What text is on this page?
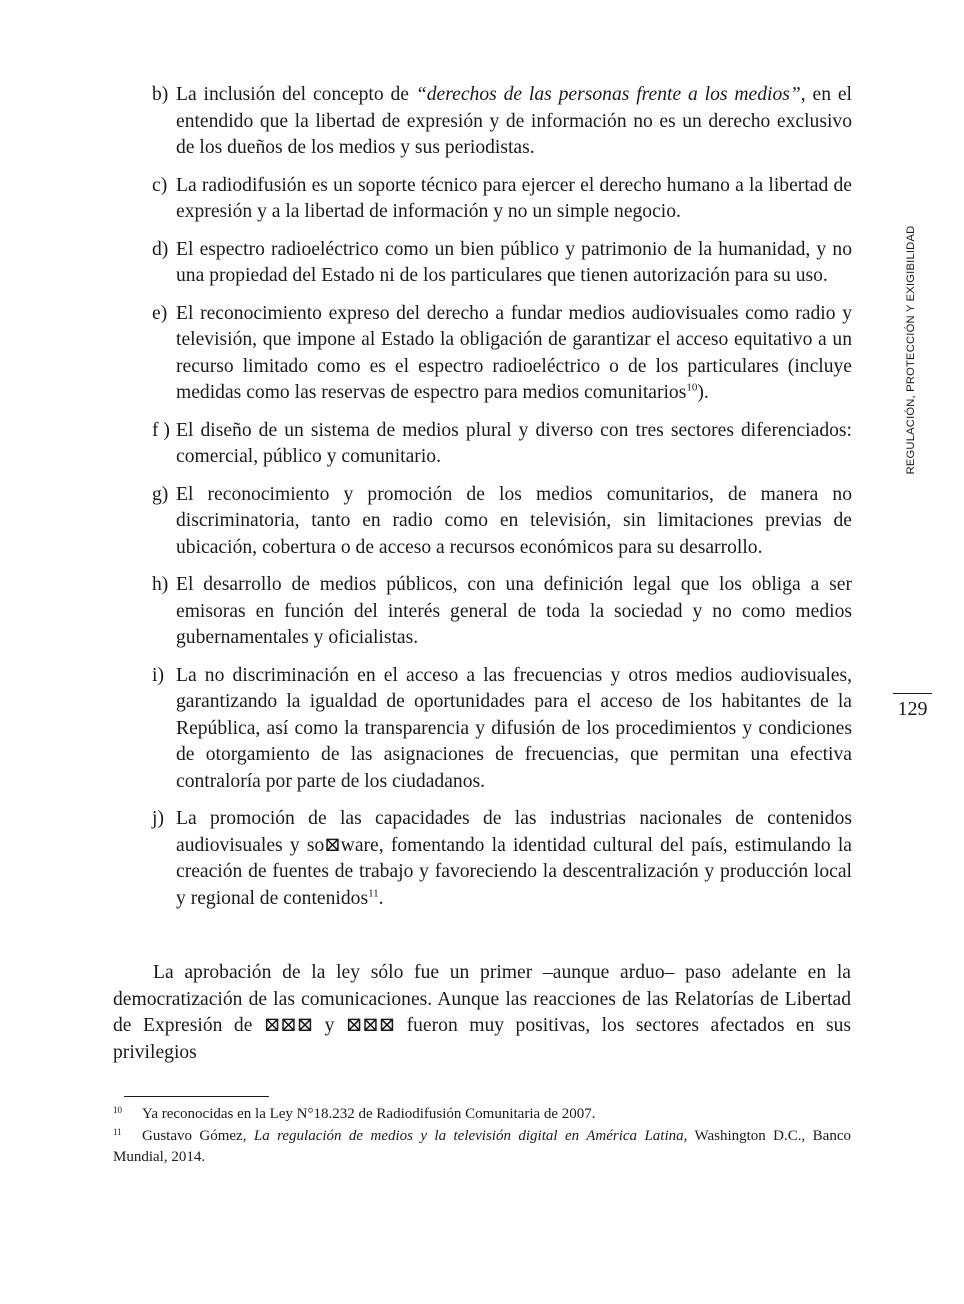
b) La inclusión del concepto de “derechos de las personas frente a los medios”, en el entendido que la libertad de expresión y de información no es un derecho exclusivo de los dueños de los medios y sus periodistas.
c) La radiodifusión es un soporte técnico para ejercer el derecho humano a la libertad de expresión y a la libertad de información y no un simple negocio.
d) El espectro radioeléctrico como un bien público y patrimonio de la humanidad, y no una propiedad del Estado ni de los particulares que tienen autorización para su uso.
e) El reconocimiento expreso del derecho a fundar medios audiovisuales como radio y televisión, que impone al Estado la obligación de garantizar el acceso equitativo a un recurso limitado como es el espectro radioeléctrico o de los particulares (incluye medidas como las reservas de espectro para medios comunitarios$^{10}$).
f ) El diseño de un sistema de medios plural y diverso con tres sectores diferenciados: comercial, público y comunitario.
g) El reconocimiento y promoción de los medios comunitarios, de manera no discriminatoria, tanto en radio como en televisión, sin limitaciones previas de ubicación, cobertura o de acceso a recursos económicos para su desarrollo.
h) El desarrollo de medios públicos, con una definición legal que los obliga a ser emisoras en función del interés general de toda la sociedad y no como medios gubernamentales y oficialistas.
i) La no discriminación en el acceso a las frecuencias y otros medios audiovisuales, garantizando la igualdad de oportunidades para el acceso de los habitantes de la República, así como la transparencia y difusión de los procedimientos y condiciones de otorgamiento de las asignaciones de frecuencias, que permitan una efectiva contraloría por parte de los ciudadanos.
j) La promoción de las capacidades de las industrias nacionales de contenidos audiovisuales y so⊠ware, fomentando la identidad cultural del país, estimulando la creación de fuentes de trabajo y favoreciendo la descentralización y producción local y regional de contenidos$^{11}$.

La aprobación de la ley sólo fue un primer –aunque arduo– paso adelante en la democratización de las comunicaciones. Aunque las reacciones de las Relatorías de Libertad de Expresión de ⊠⊠⊠ y ⊠⊠⊠ fueron muy positivas, los sectores afectados en sus privilegios

REGULACIÓN, PROTECCIÓN Y EXIGIBILIDAD
129

10 Ya reconocidas en la Ley N°18.232 de Radiodifusión Comunitaria de 2007.

11 Gustavo Gómez, La regulación de medios y la televisión digital en América Latina, Washington D.C., Banco Mundial, 2014.
